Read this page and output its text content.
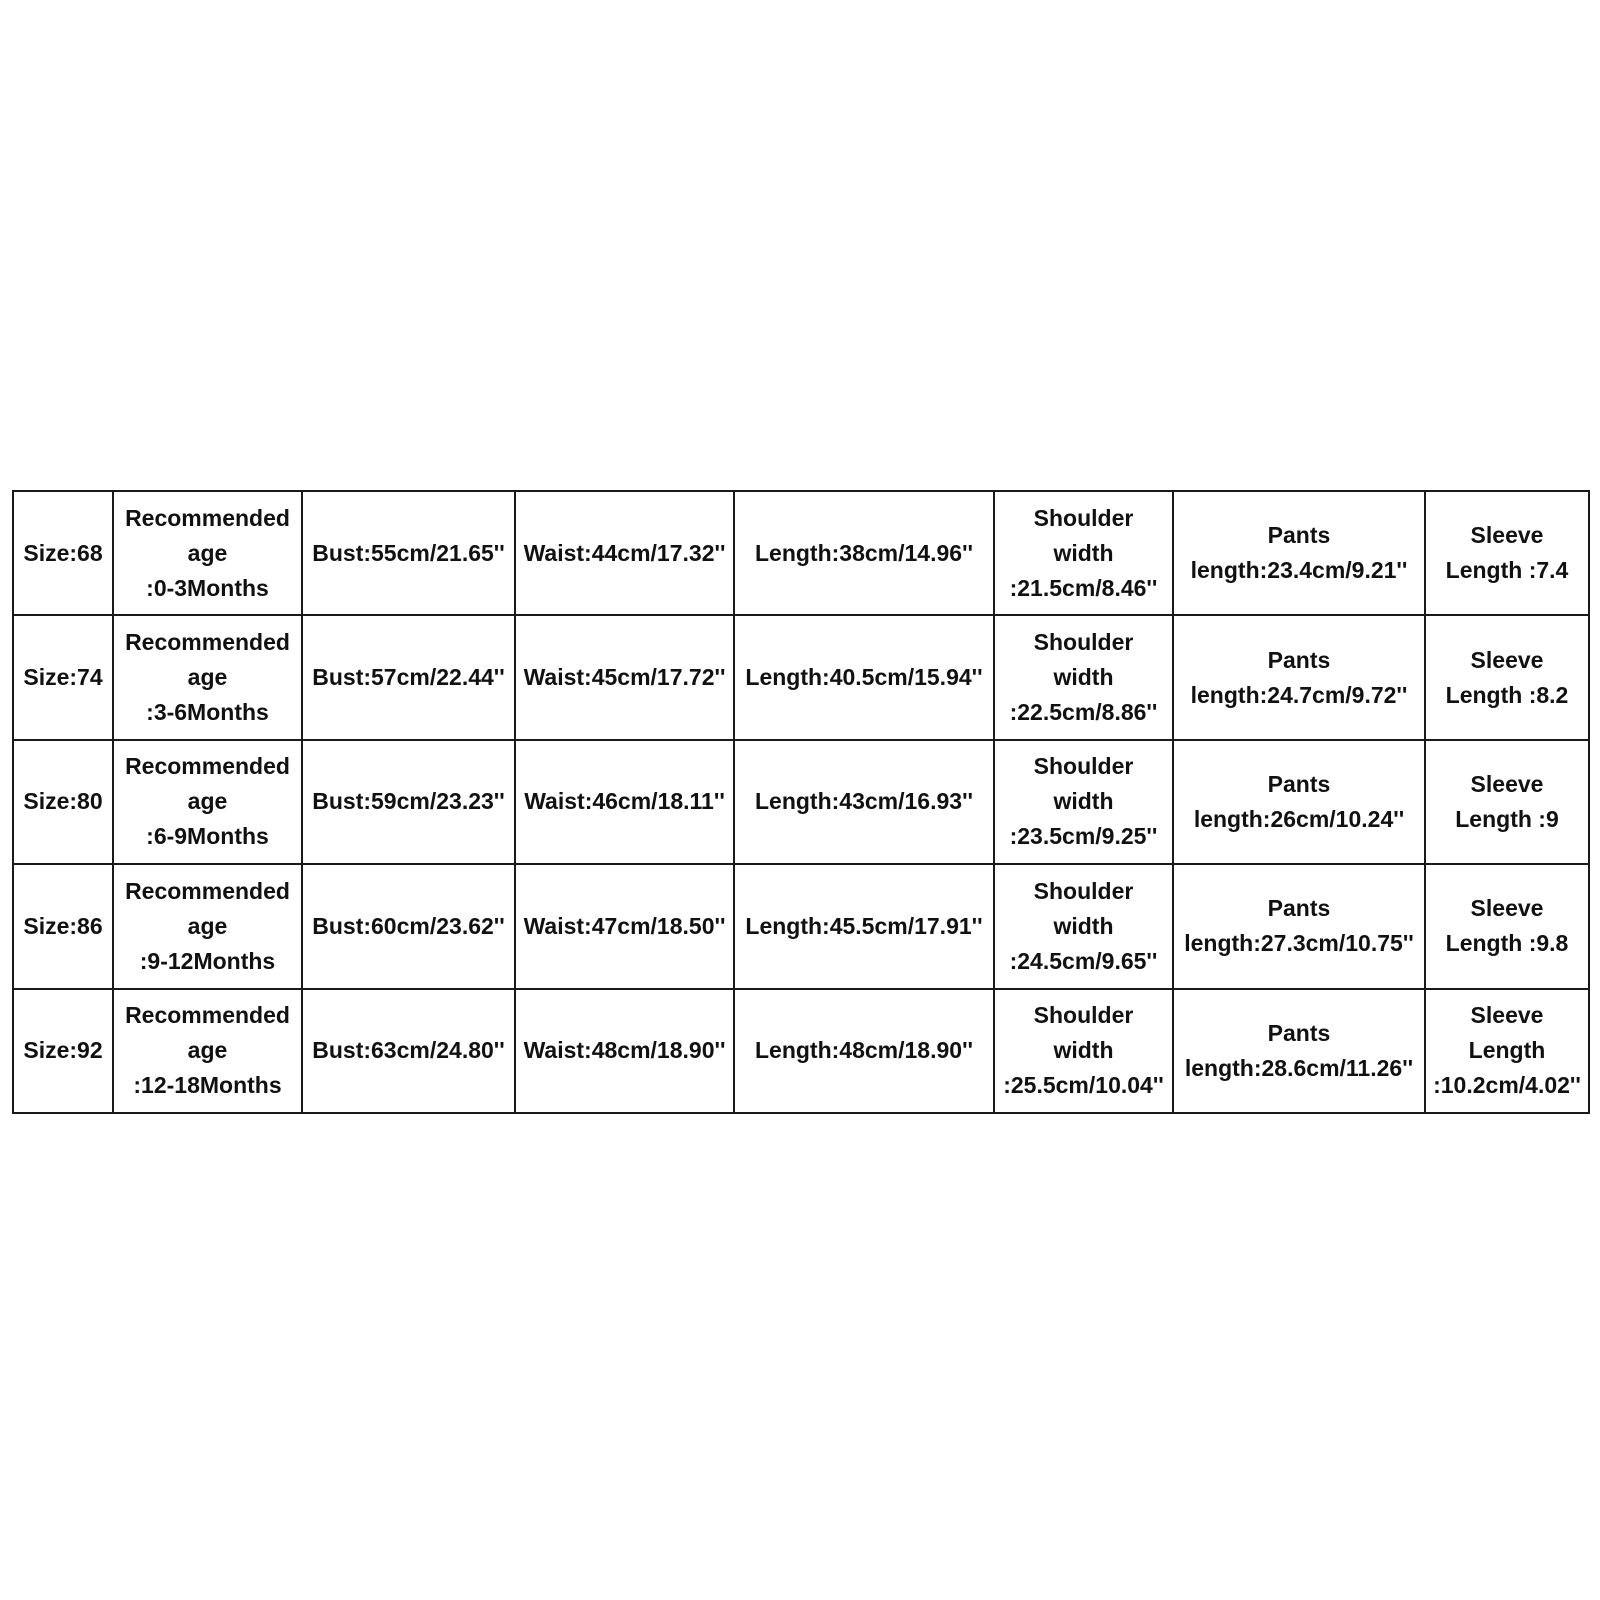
Size:68	Recommended
age
:0-3Months	Bust:55cm/21.65''	Waist:44cm/17.32''	Length:38cm/14.96''	Shoulder
width
:21.5cm/8.46''	Pants
length:23.4cm/9.21''	Sleeve
Length :7.4

Size:74	Recommended
age
:3-6Months	Bust:57cm/22.44''	Waist:45cm/17.72''	Length:40.5cm/15.94''	Shoulder
width
:22.5cm/8.86''	Pants
length:24.7cm/9.72''	Sleeve
Length :8.2

Size:80	Recommended
age
:6-9Months	Bust:59cm/23.23''	Waist:46cm/18.11''	Length:43cm/16.93''	Shoulder
width
:23.5cm/9.25''	Pants
length:26cm/10.24''	Sleeve
Length :9

Size:86	Recommended
age
:9-12Months	Bust:60cm/23.62''	Waist:47cm/18.50''	Length:45.5cm/17.91''	Shoulder
width
:24.5cm/9.65''	Pants
length:27.3cm/10.75''	Sleeve
Length :9.8

Size:92	Recommended
age
:12-18Months	Bust:63cm/24.80''	Waist:48cm/18.90''	Length:48cm/18.90''	Shoulder
width
:25.5cm/10.04''	Pants
length:28.6cm/11.26''	Sleeve
Length
:10.2cm/4.02''
